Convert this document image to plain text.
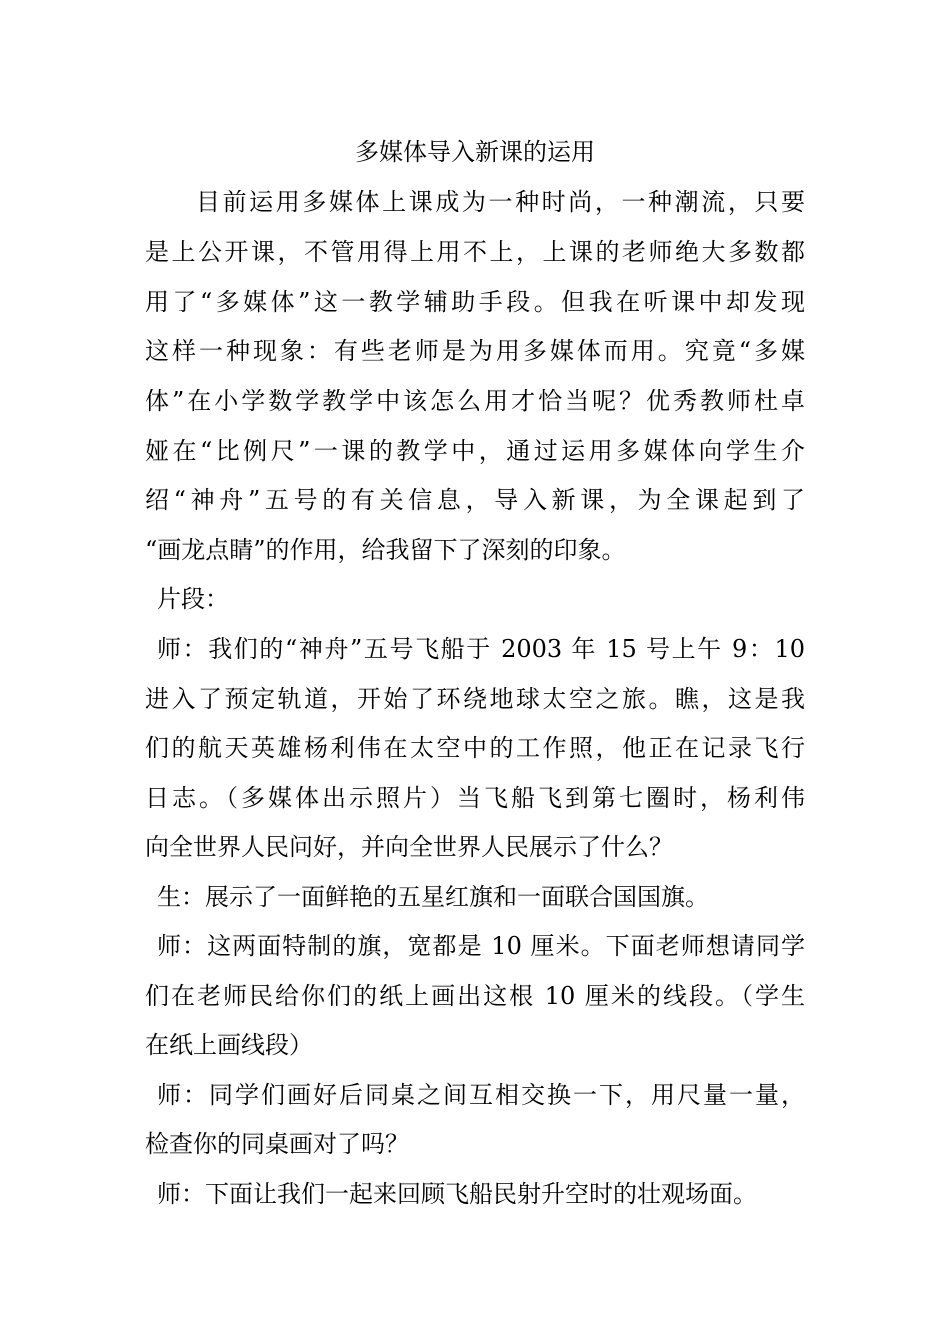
多媒体导入新课的运用
目前运用多媒体上课成为一种时尚，一种潮流，只要
是上公开课，不管用得上用不上，上课的老师绝大多数都
用了“多媒体”这一教学辅助手段。但我在听课中却发现
这样一种现象：有些老师是为用多媒体而用。究竟“多媒
体”在小学数学教学中该怎么用才恰当呢？优秀教师杜卓
娅在“比例尺”一课的教学中，通过运用多媒体向学生介
绍“神舟”五号的有关信息，导入新课，为全课起到了
“画龙点睛”的作用，给我留下了深刻的印象。
片段：
师：我们的“神舟”五号飞船于 2003 年 15 号上午 9：10
进入了预定轨道，开始了环绕地球太空之旅。瞧，这是我
们的航天英雄杨利伟在太空中的工作照，他正在记录飞行
日志。（多媒体出示照片）当飞船飞到第七圈时，杨利伟
向全世界人民问好，并向全世界人民展示了什么？
生：展示了一面鲜艳的五星红旗和一面联合国国旗。
师：这两面特制的旗，宽都是 10 厘米。下面老师想请同学
们在老师民给你们的纸上画出这根 10 厘米的线段。（学生
在纸上画线段）
师：同学们画好后同桌之间互相交换一下，用尺量一量，
检查你的同桌画对了吗？
师：下面让我们一起来回顾飞船民射升空时的壮观场面。
